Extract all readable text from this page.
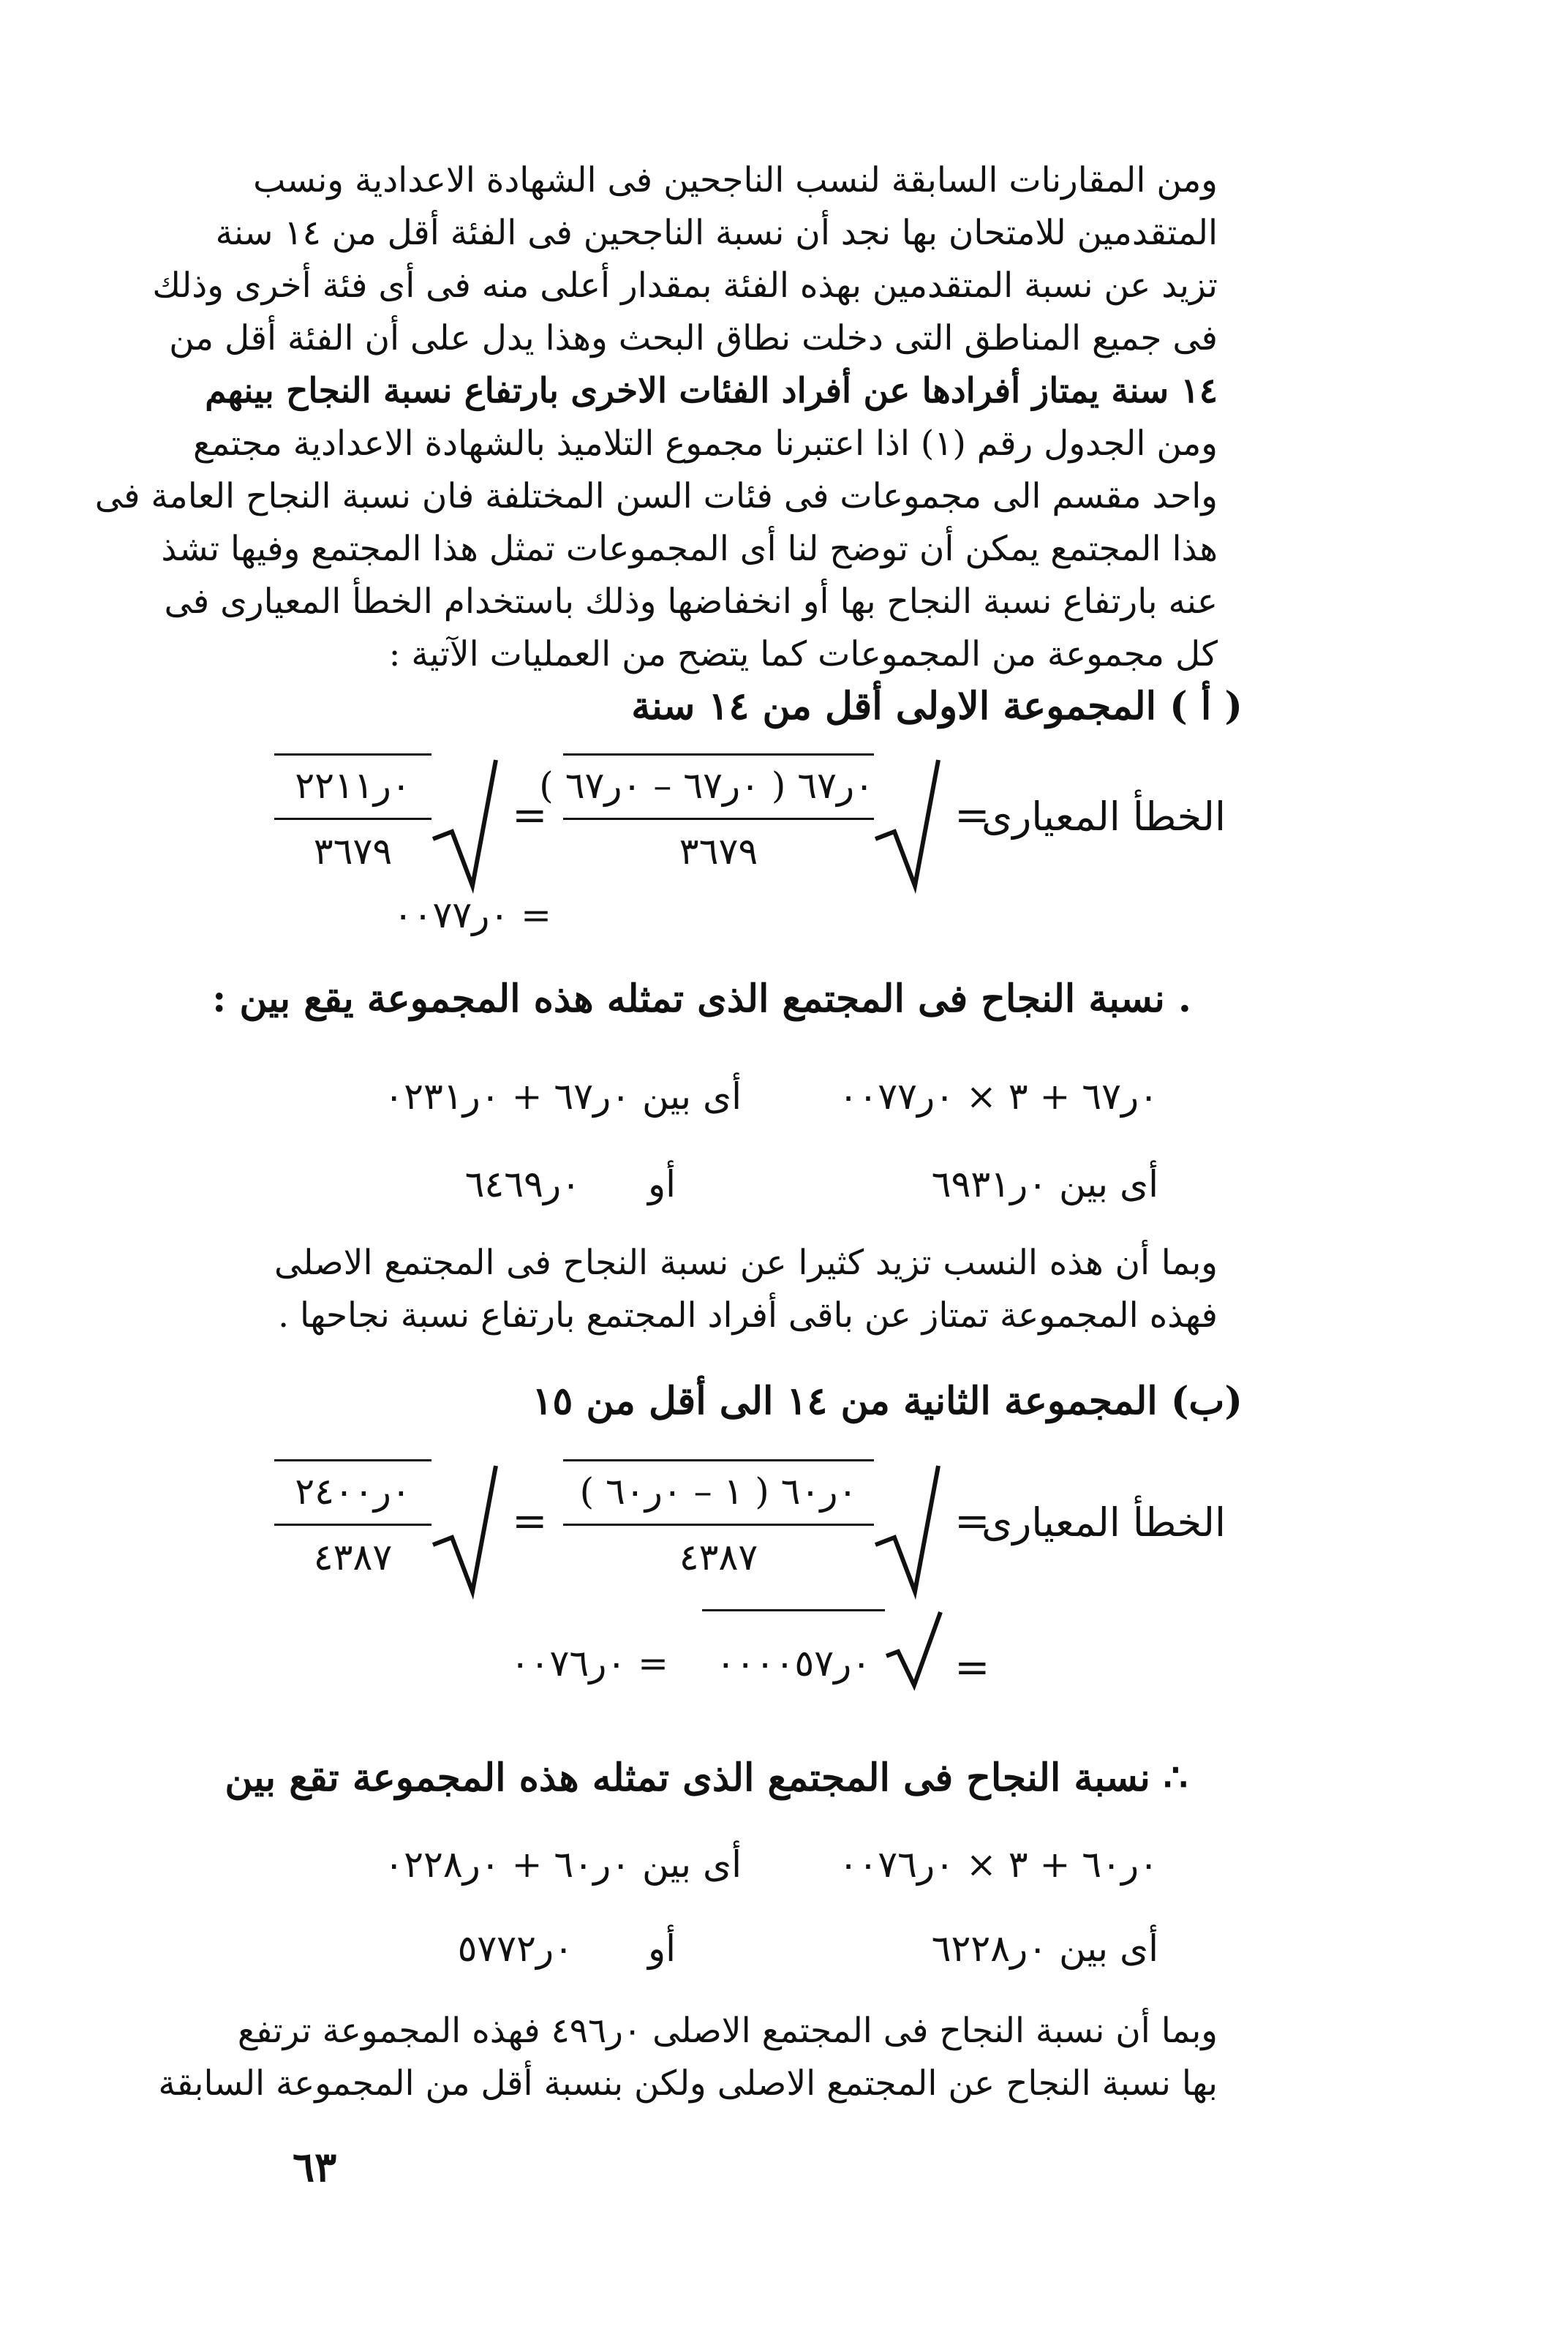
ومن المقارنات السابقة لنسب الناجحين فى الشهادة الاعدادية ونسب
المتقدمين للامتحان بها نجد أن نسبة الناجحين فى الفئة أقل من ١٤ سنة
تزيد عن نسبة المتقدمين بهذه الفئة بمقدار أعلى منه فى أى فئة أخرى وذلك
فى جميع المناطق التى دخلت نطاق البحث وهذا يدل على أن الفئة أقل من
١٤ سنة يمتاز أفرادها عن أفراد الفئات الاخرى بارتفاع نسبة النجاح بينهم
ومن الجدول رقم (١) اذا اعتبرنا مجموع التلاميذ بالشهادة الاعدادية مجتمع
واحد مقسم الى مجموعات فى فئات السن المختلفة فان نسبة النجاح العامة فى
هذا المجتمع يمكن أن توضح لنا أى المجموعات تمثل هذا المجتمع وفيها تشذ
عنه بارتفاع نسبة النجاح بها أو انخفاضها وذلك باستخدام الخطأ المعيارى فى
كل مجموعة من المجموعات كما يتضح من العمليات الآتية :
( أ ) المجموعة الاولى أقل من ١٤ سنة
الخطأ المعيارى
=
٠ر٦٧ ( ٠ر٦٧ – ٠ر٦٧ )
٣٦٧٩
=
٠ر٢٢١١
٣٦٧٩
= ٠ر٠٠٧٧
. نسبة النجاح فى المجتمع الذى تمثله هذه المجموعة يقع بين :
٠ر٦٧ + ٣ × ٠ر٠٠٧٧
أى بين ٠ر٦٧ + ٠ر٠٢٣١
أى بين ٠ر٦٩٣١
أو
٠ر٦٤٦٩
وبما أن هذه النسب تزيد كثيرا عن نسبة النجاح فى المجتمع الاصلى
فهذه المجموعة تمتاز عن باقى أفراد المجتمع بارتفاع نسبة نجاحها .
(ب) المجموعة الثانية من ١٤ الى أقل من ١٥
الخطأ المعيارى
=
٠ر٦٠ ( ١ – ٠ر٦٠ )
٤٣٨٧
=
٠ر٢٤٠٠
٤٣٨٧
=
٠ر٠٠٠٠٥٧
= ٠ر٠٠٧٦
∴ نسبة النجاح فى المجتمع الذى تمثله هذه المجموعة تقع بين
٠ر٦٠ + ٣ × ٠ر٠٠٧٦
أى بين ٠ر٦٠ + ٠ر٠٢٢٨
أى بين ٠ر٦٢٢٨
أو
٠ر٥٧٧٢
وبما أن نسبة النجاح فى المجتمع الاصلى ٠ر٤٩٦ فهذه المجموعة ترتفع
بها نسبة النجاح عن المجتمع الاصلى ولكن بنسبة أقل من المجموعة السابقة
٦٣
